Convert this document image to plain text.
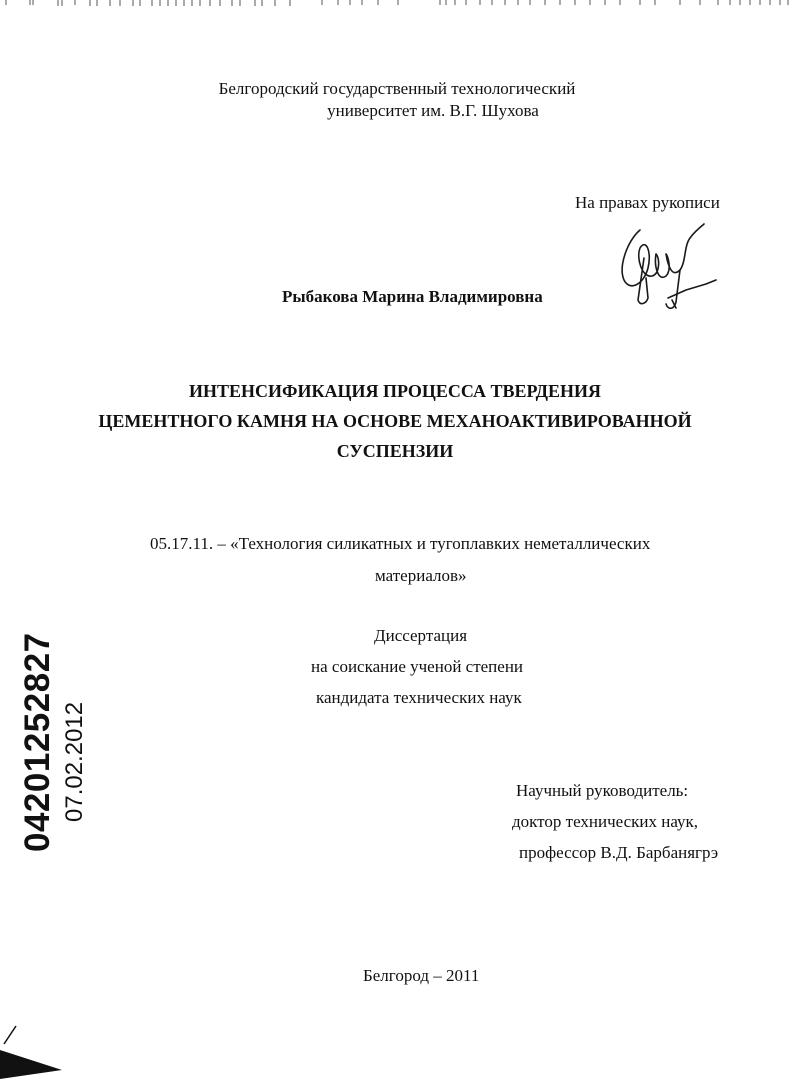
Белгородский государственный технологический
университет им. В.Г. Шухова
На правах рукописи
Рыбакова Марина Владимировна
ИНТЕНСИФИКАЦИЯ ПРОЦЕССА ТВЕРДЕНИЯ
ЦЕМЕНТНОГО КАМНЯ НА ОСНОВЕ МЕХАНОАКТИВИРОВАННОЙ
СУСПЕНЗИИ
05.17.11. – «Технология силикатных и тугоплавких неметаллических
материалов»
Диссертация
на соискание ученой степени
кандидата технических наук
Научный руководитель:
доктор технических наук,
профессор В.Д. Барбанягрэ
Белгород – 2011
04201252827 07.02.2012
